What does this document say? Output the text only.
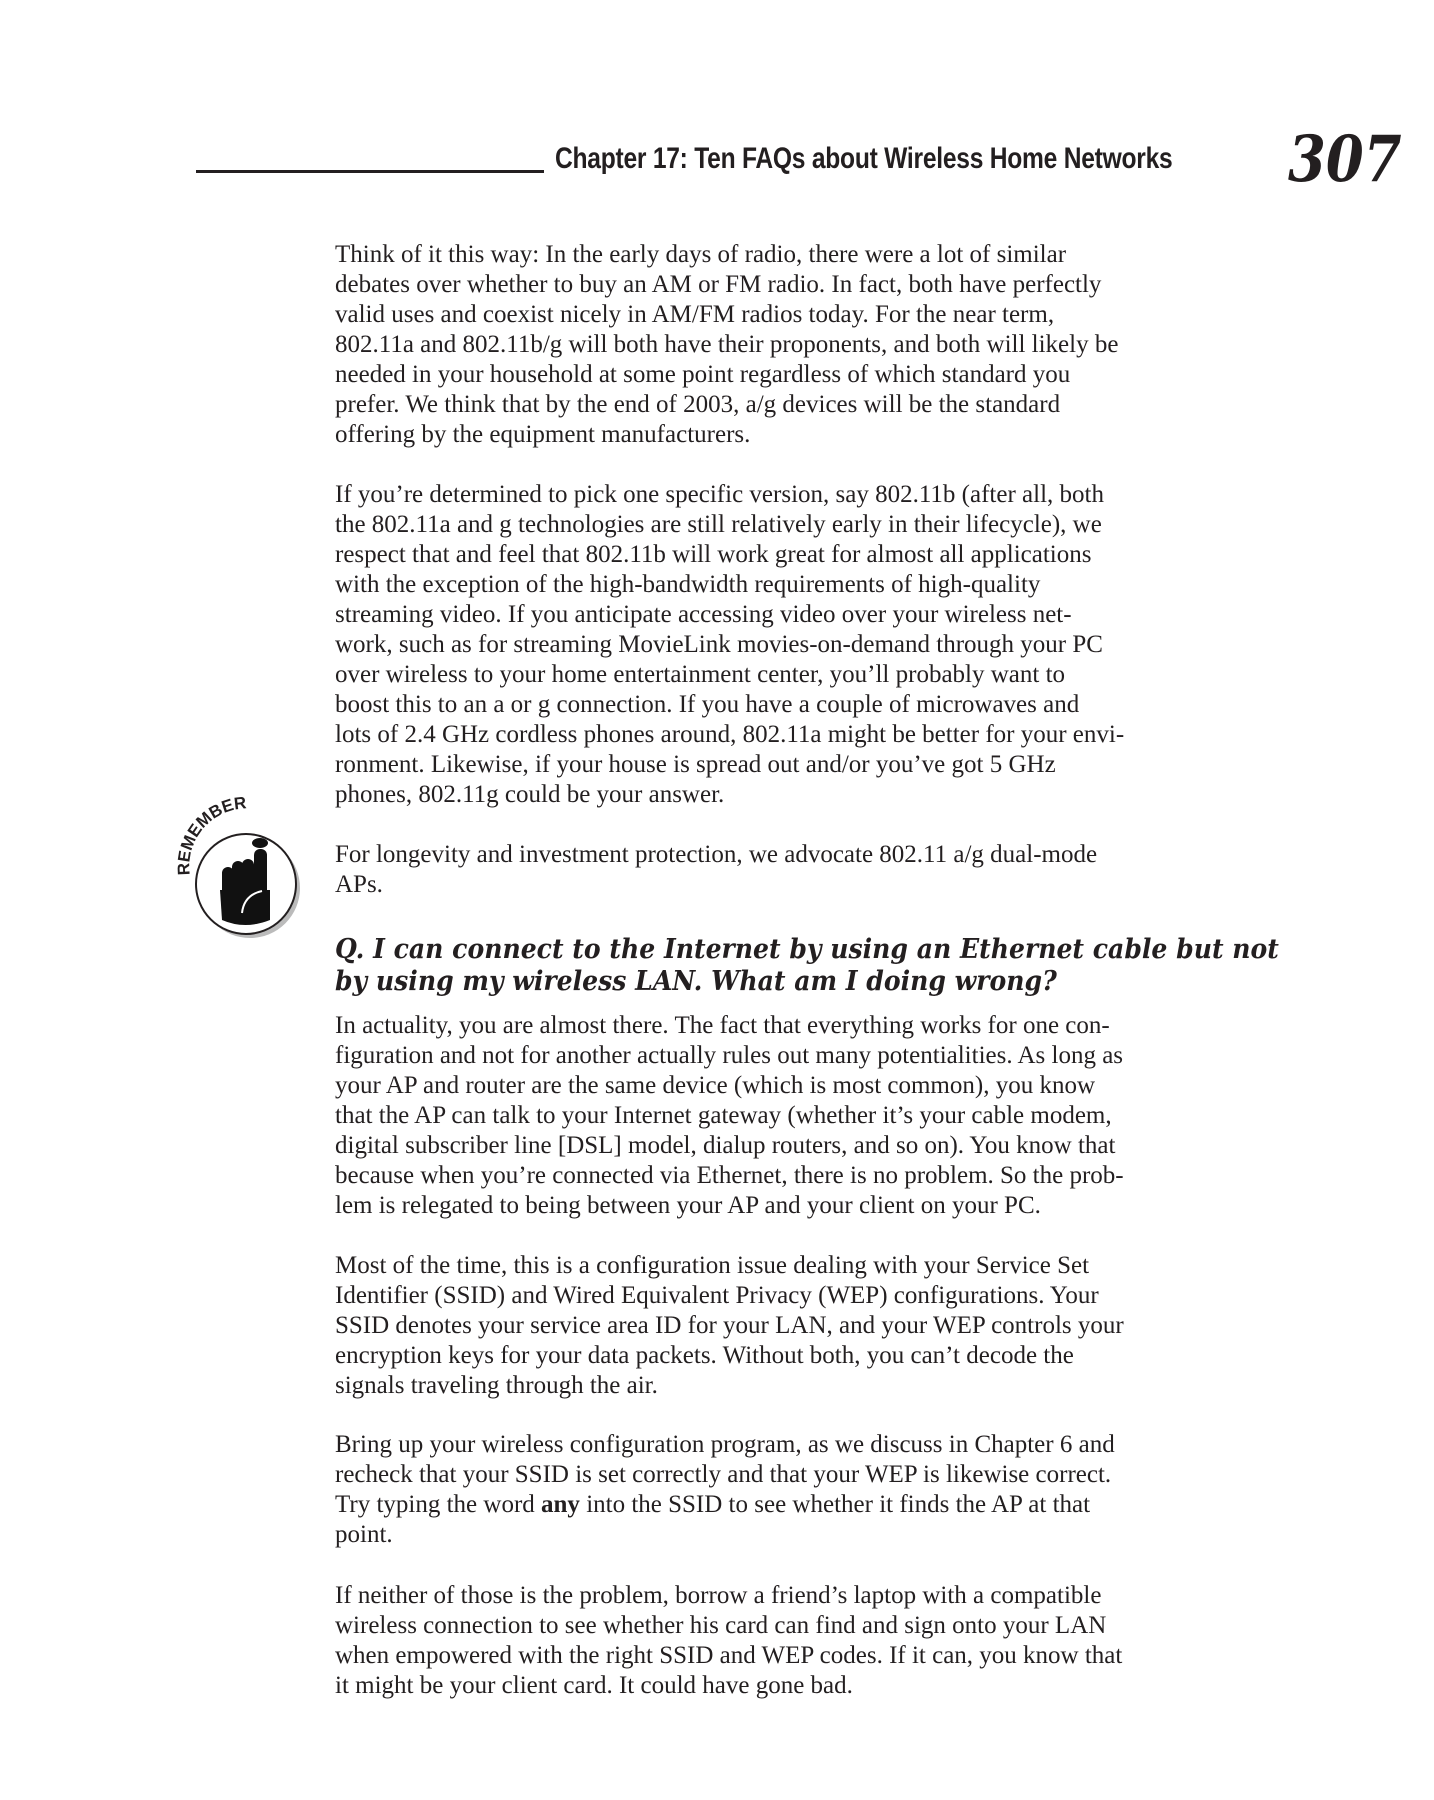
Chapter 17: Ten FAQs about Wireless Home Networks 307
Think of it this way: In the early days of radio, there were a lot of similar
debates over whether to buy an AM or FM radio. In fact, both have perfectly
valid uses and coexist nicely in AM/FM radios today. For the near term,
802.11a and 802.11b/g will both have their proponents, and both will likely be
needed in your household at some point regardless of which standard you
prefer. We think that by the end of 2003, a/g devices will be the standard
offering by the equipment manufacturers.
If you’re determined to pick one specific version, say 802.11b (after all, both
the 802.11a and g technologies are still relatively early in their lifecycle), we
respect that and feel that 802.11b will work great for almost all applications
with the exception of the high-bandwidth requirements of high-quality
streaming video. If you anticipate accessing video over your wireless net-
work, such as for streaming MovieLink movies-on-demand through your PC
over wireless to your home entertainment center, you’ll probably want to
boost this to an a or g connection. If you have a couple of microwaves and
lots of 2.4 GHz cordless phones around, 802.11a might be better for your envi-
ronment. Likewise, if your house is spread out and/or you’ve got 5 GHz
phones, 802.11g could be your answer.
For longevity and investment protection, we advocate 802.11 a/g dual-mode
APs.
REMEMBER
Q. I can connect to the Internet by using an Ethernet cable but not
by using my wireless LAN. What am I doing wrong?
In actuality, you are almost there. The fact that everything works for one con-
figuration and not for another actually rules out many potentialities. As long as
your AP and router are the same device (which is most common), you know
that the AP can talk to your Internet gateway (whether it’s your cable modem,
digital subscriber line [DSL] model, dialup routers, and so on). You know that
because when you’re connected via Ethernet, there is no problem. So the prob-
lem is relegated to being between your AP and your client on your PC.
Most of the time, this is a configuration issue dealing with your Service Set
Identifier (SSID) and Wired Equivalent Privacy (WEP) configurations. Your
SSID denotes your service area ID for your LAN, and your WEP controls your
encryption keys for your data packets. Without both, you can’t decode the
signals traveling through the air.
Bring up your wireless configuration program, as we discuss in Chapter 6 and
recheck that your SSID is set correctly and that your WEP is likewise correct.
Try typing the word any into the SSID to see whether it finds the AP at that
point.
If neither of those is the problem, borrow a friend’s laptop with a compatible
wireless connection to see whether his card can find and sign onto your LAN
when empowered with the right SSID and WEP codes. If it can, you know that
it might be your client card. It could have gone bad.
